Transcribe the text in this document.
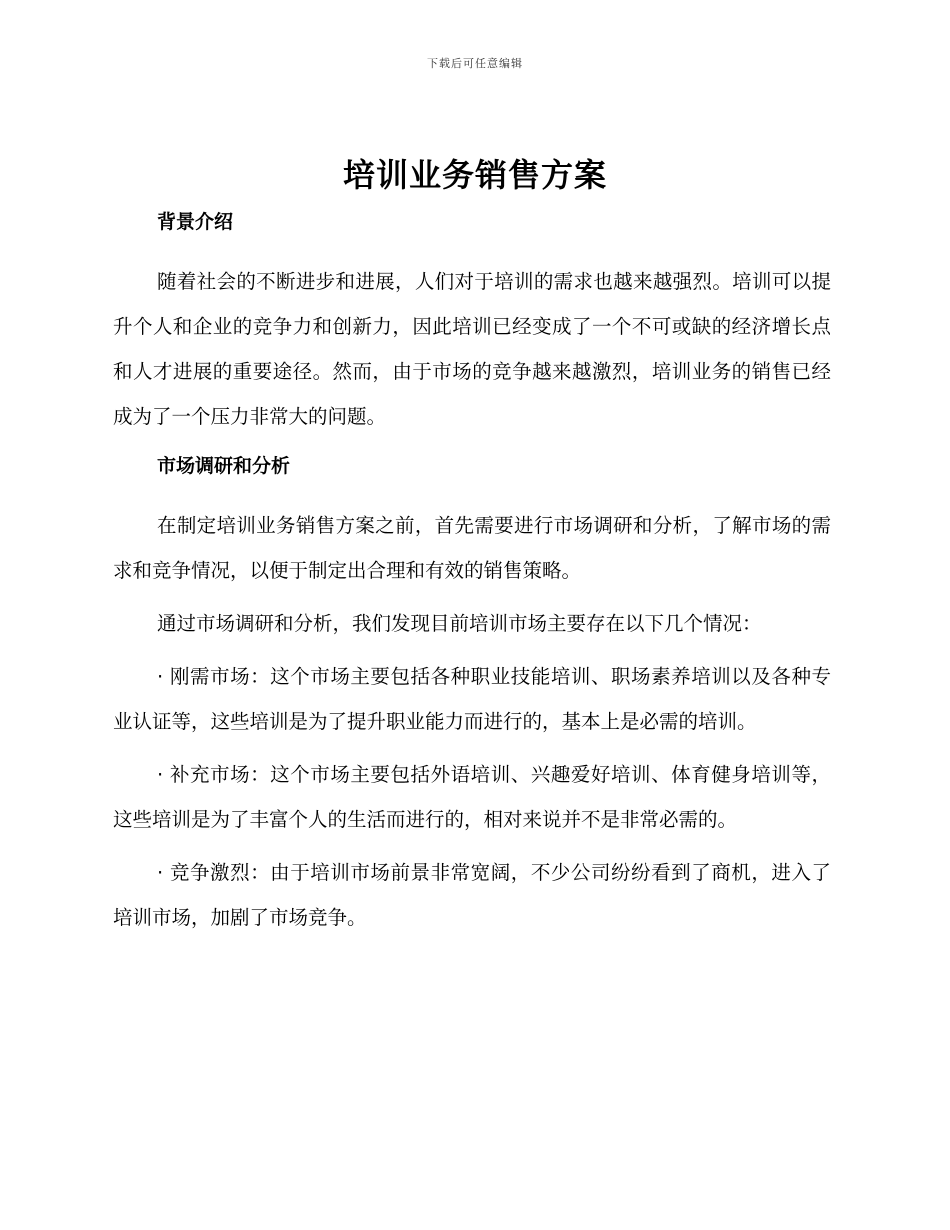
下载后可任意编辑
培训业务销售方案

背景介绍

随着社会的不断进步和进展，人们对于培训的需求也越来越强烈。培训可以提升个人和企业的竞争力和创新力，因此培训已经变成了一个不可或缺的经济增长点和人才进展的重要途径。然而，由于市场的竞争越来越激烈，培训业务的销售已经成为了一个压力非常大的问题。

市场调研和分析

在制定培训业务销售方案之前，首先需要进行市场调研和分析，了解市场的需求和竞争情况，以便于制定出合理和有效的销售策略。

通过市场调研和分析，我们发现目前培训市场主要存在以下几个情况：

· 刚需市场：这个市场主要包括各种职业技能培训、职场素养培训以及各种专业认证等，这些培训是为了提升职业能力而进行的，基本上是必需的培训。

· 补充市场：这个市场主要包括外语培训、兴趣爱好培训、体育健身培训等，这些培训是为了丰富个人的生活而进行的，相对来说并不是非常必需的。

· 竞争激烈：由于培训市场前景非常宽阔，不少公司纷纷看到了商机，进入了培训市场，加剧了市场竞争。
